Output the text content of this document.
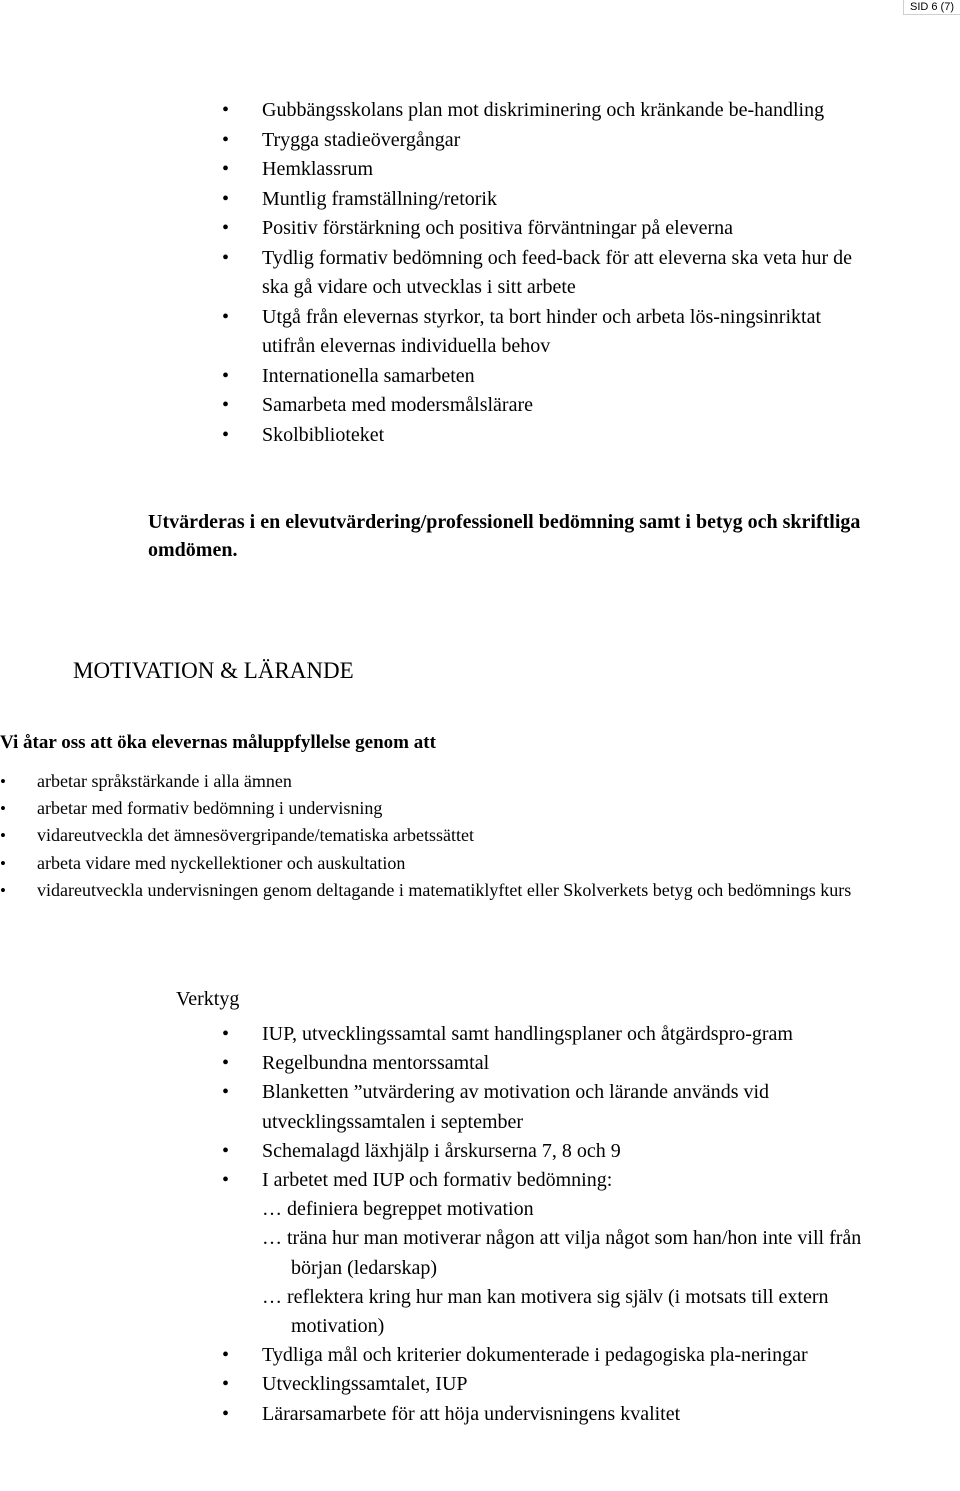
SID 6 (7)
• Gubbängsskolans plan mot diskriminering och kränkande be-handling
• Trygga stadieövergångar
• Hemklassrum
• Muntlig framställning/retorik
• Positiv förstärkning och positiva förväntningar på eleverna
• Tydlig formativ bedömning och feed-back för att eleverna ska veta hur de ska gå vidare och utvecklas i sitt arbete
• Utgå från elevernas styrkor, ta bort hinder och arbeta lös-ningsinriktat utifrån elevernas individuella behov
• Internationella samarbeten
• Samarbeta med modersmålslärare
• Skolbiblioteket
Utvärderas i en elevutvärdering/professionell bedömning samt i betyg och skriftliga omdömen.
MOTIVATION & LÄRANDE
Vi åtar oss att öka elevernas måluppfyllelse genom att
• arbetar språkstärkande i alla ämnen
• arbetar med formativ bedömning i undervisning
• vidareutveckla det ämnesövergripande/tematiska arbetssättet
• arbeta vidare med nyckellektioner och auskultation
• vidareutveckla undervisningen genom deltagande i matematiklyftet eller Skolverkets betyg och bedömnings kurs
Verktyg
• IUP, utvecklingssamtal samt handlingsplaner och åtgärdspro-gram
• Regelbundna mentorssamtal
• Blanketten ”utvärdering av motivation och lärande används vid utvecklingssamtalen i september
• Schemalagd läxhjälp i årskurserna 7, 8 och 9
• I arbetet med IUP och formativ bedömning:
… definiera begreppet motivation
… träna hur man motiverar någon att vilja något som han/hon inte vill från början (ledarskap)
… reflektera kring hur man kan motivera sig själv (i motsats till extern motivation)
• Tydliga mål och kriterier dokumenterade i pedagogiska pla-neringar
• Utvecklingssamtalet, IUP
• Lärarsamarbete för att höja undervisningens kvalitet
